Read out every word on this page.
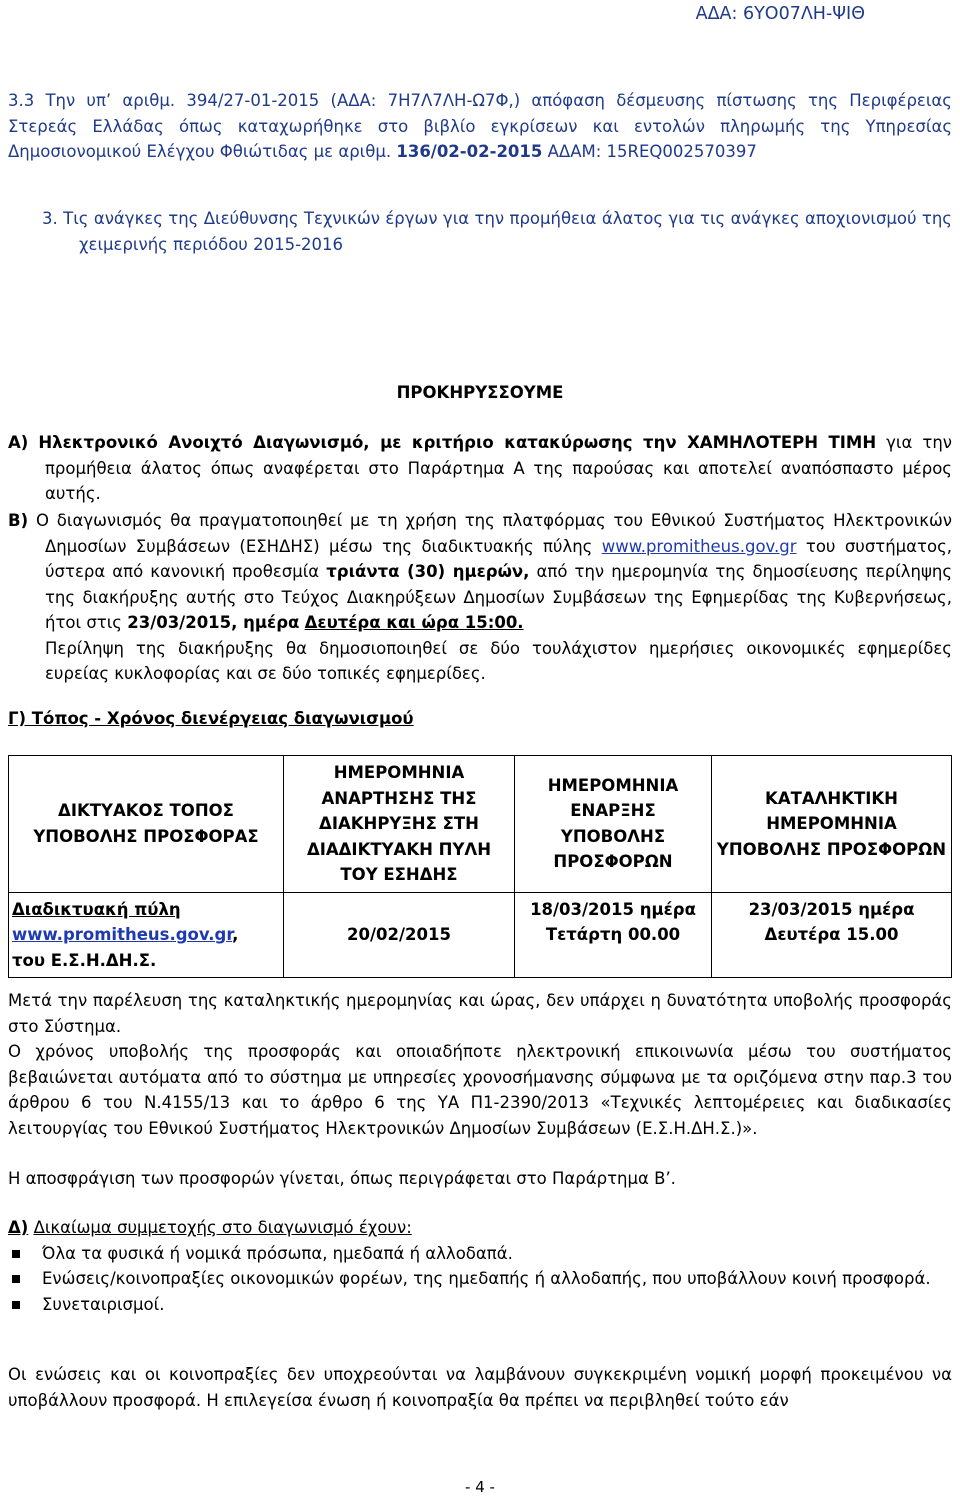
ΑΔΑ: 6ΥΟ07ΛΗ-ΨΙΘ

3.3 Την υπ’ αριθμ. 394/27-01-2015 (ΑΔΑ: 7Η7Λ7ΛΗ-Ω7Φ,) απόφαση δέσμευσης πίστωσης της Περιφέρειας Στερεάς Ελλάδας όπως καταχωρήθηκε στο βιβλίο εγκρίσεων και εντολών πληρωμής της Υπηρεσίας Δημοσιονομικού Ελέγχου Φθιώτιδας με αριθμ. 136/02-02-2015 ΑΔΑΜ: 15REQ002570397

3. Τις ανάγκες της Διεύθυνσης Τεχνικών έργων για την προμήθεια άλατος για τις ανάγκες αποχιονισμού της χειμερινής περιόδου 2015-2016

ΠΡΟΚΗΡΥΣΣΟΥΜΕ

Α) Ηλεκτρονικό Ανοιχτό Διαγωνισμό, με κριτήριο κατακύρωσης την ΧΑΜΗΛΟΤΕΡΗ ΤΙΜΗ για την προμήθεια άλατος όπως αναφέρεται στο Παράρτημα Α της παρούσας και αποτελεί αναπόσπαστο μέρος αυτής.

Β) Ο διαγωνισμός θα πραγματοποιηθεί με τη χρήση της πλατφόρμας του Εθνικού Συστήματος Ηλεκτρονικών Δημοσίων Συμβάσεων (ΕΣΗΔΗΣ) μέσω της διαδικτυακής πύλης www.promitheus.gov.gr του συστήματος, ύστερα από κανονική προθεσμία τριάντα (30) ημερών, από την ημερομηνία της δημοσίευσης περίληψης της διακήρυξης αυτής στο Τεύχος Διακηρύξεων Δημοσίων Συμβάσεων της Εφημερίδας της Κυβερνήσεως, ήτοι στις 23/03/2015, ημέρα Δευτέρα και ώρα 15:00.

Περίληψη της διακήρυξης θα δημοσιοποιηθεί σε δύο τουλάχιστον ημερήσιες οικονομικές εφημερίδες ευρείας κυκλοφορίας και σε δύο τοπικές εφημερίδες.

Γ) Τόπος - Χρόνος διενέργειας διαγωνισμού

ΔΙΚΤΥΑΚΟΣ ΤΟΠΟΣ ΥΠΟΒΟΛΗΣ ΠΡΟΣΦΟΡΑΣ	ΗΜΕΡΟΜΗΝΙΑ ΑΝΑΡΤΗΣΗΣ ΤΗΣ ΔΙΑΚΗΡΥΞΗΣ ΣΤΗ ΔΙΑΔΙΚΤΥΑΚΗ ΠΥΛΗ ΤΟΥ ΕΣΗΔΗΣ	ΗΜΕΡΟΜΗΝΙΑ ΕΝΑΡΞΗΣ ΥΠΟΒΟΛΗΣ ΠΡΟΣΦΟΡΩΝ	ΚΑΤΑΛΗΚΤΙΚΗ ΗΜΕΡΟΜΗΝΙΑ ΥΠΟΒΟΛΗΣ ΠΡΟΣΦΟΡΩΝ
Διαδικτυακή πύλη
www.promitheus.gov.gr,
του Ε.Σ.Η.ΔΗ.Σ.	20/02/2015	18/03/2015 ημέρα Τετάρτη 00.00	23/03/2015 ημέρα Δευτέρα 15.00

Μετά την παρέλευση της καταληκτικής ημερομηνίας και ώρας, δεν υπάρχει η δυνατότητα υποβολής προσφοράς στο Σύστημα.

Ο χρόνος υποβολής της προσφοράς και οποιαδήποτε ηλεκτρονική επικοινωνία μέσω του συστήματος βεβαιώνεται αυτόματα από το σύστημα με υπηρεσίες χρονοσήμανσης σύμφωνα με τα οριζόμενα στην παρ.3 του άρθρου 6 του Ν.4155/13 και το άρθρο 6 της ΥΑ Π1-2390/2013 «Τεχνικές λεπτομέρειες και διαδικασίες λειτουργίας του Εθνικού Συστήματος Ηλεκτρονικών Δημοσίων Συμβάσεων (Ε.Σ.Η.ΔΗ.Σ.)».

Η αποσφράγιση των προσφορών γίνεται, όπως περιγράφεται στο Παράρτημα Β’.

Δ) Δικαίωμα συμμετοχής στο διαγωνισμό έχουν:

Όλα τα φυσικά ή νομικά πρόσωπα, ημεδαπά ή αλλοδαπά.
Ενώσεις/κοινοπραξίες οικονομικών φορέων, της ημεδαπής ή αλλοδαπής, που υποβάλλουν κοινή προσφορά.
Συνεταιρισμοί.

Οι ενώσεις και οι κοινοπραξίες δεν υποχρεούνται να λαμβάνουν συγκεκριμένη νομική μορφή προκειμένου να υποβάλλουν προσφορά. Η επιλεγείσα ένωση ή κοινοπραξία θα πρέπει να περιβληθεί τούτο εάν

- 4 -
